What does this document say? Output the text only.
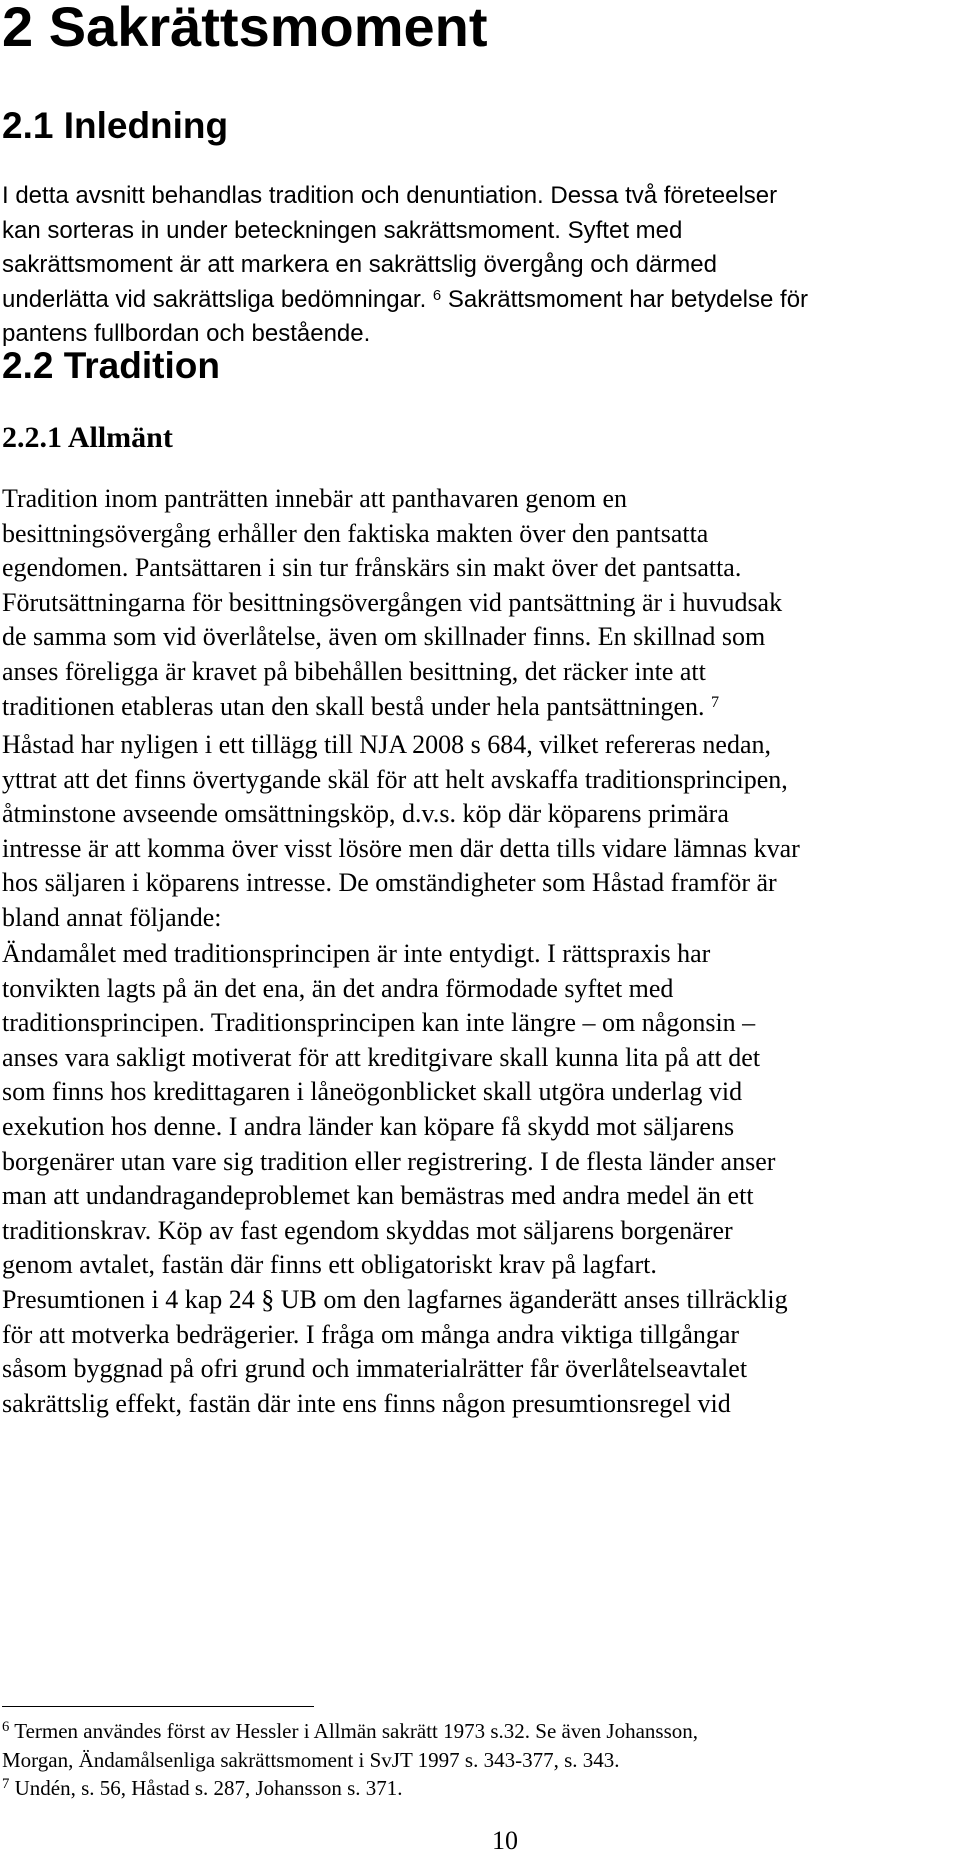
2 Sakrättsmoment
2.1 Inledning
I detta avsnitt behandlas tradition och denuntiation. Dessa två företeelser
kan sorteras in under beteckningen sakrättsmoment. Syftet med
sakrättsmoment är att markera en sakrättslig övergång och därmed
underlätta vid sakrättsliga bedömningar. $^6$ Sakrättsmoment har betydelse för
pantens fullbordan och bestående.
2.2 Tradition
2.2.1 Allmänt
Tradition inom panträtten innebär att panthavaren genom en
besittningsövergång erhåller den faktiska makten över den pantsatta
egendomen. Pantsättaren i sin tur frånskärs sin makt över det pantsatta.
Förutsättningarna för besittningsövergången vid pantsättning är i huvudsak
de samma som vid överlåtelse, även om skillnader finns. En skillnad som
anses föreligga är kravet på bibehållen besittning, det räcker inte att
traditionen etableras utan den skall bestå under hela pantsättningen. $^7$
Håstad har nyligen i ett tillägg till NJA 2008 s 684, vilket refereras nedan,
yttrat att det finns övertygande skäl för att helt avskaffa traditionsprincipen,
åtminstone avseende omsättningsköp, d.v.s. köp där köparens primära
intresse är att komma över visst lösöre men där detta tills vidare lämnas kvar
hos säljaren i köparens intresse. De omständigheter som Håstad framför är
bland annat följande:
Ändamålet med traditionsprincipen är inte entydigt. I rättspraxis har
tonvikten lagts på än det ena, än det andra förmodade syftet med
traditionsprincipen. Traditionsprincipen kan inte längre – om någonsin –
anses vara sakligt motiverat för att kreditgivare skall kunna lita på att det
som finns hos kredittagaren i låneögonblicket skall utgöra underlag vid
exekution hos denne. I andra länder kan köpare få skydd mot säljarens
borgenärer utan vare sig tradition eller registrering. I de flesta länder anser
man att undandragandeproblemet kan bemästras med andra medel än ett
traditionskrav. Köp av fast egendom skyddas mot säljarens borgenärer
genom avtalet, fastän där finns ett obligatoriskt krav på lagfart.
Presumtionen i 4 kap 24 § UB om den lagfarnes äganderätt anses tillräcklig
för att motverka bedrägerier. I fråga om många andra viktiga tillgångar
såsom byggnad på ofri grund och immaterialrätter får överlåtelseavtalet
sakrättslig effekt, fastän där inte ens finns någon presumtionsregel vid
$^6$ Termen användes först av Hessler i Allmän sakrätt 1973 s.32. Se även Johansson,
Morgan, Ändamålsenliga sakrättsmoment i SvJT 1997 s. 343-377, s. 343.
$^7$ Undén, s. 56, Håstad s. 287, Johansson s. 371.
10
